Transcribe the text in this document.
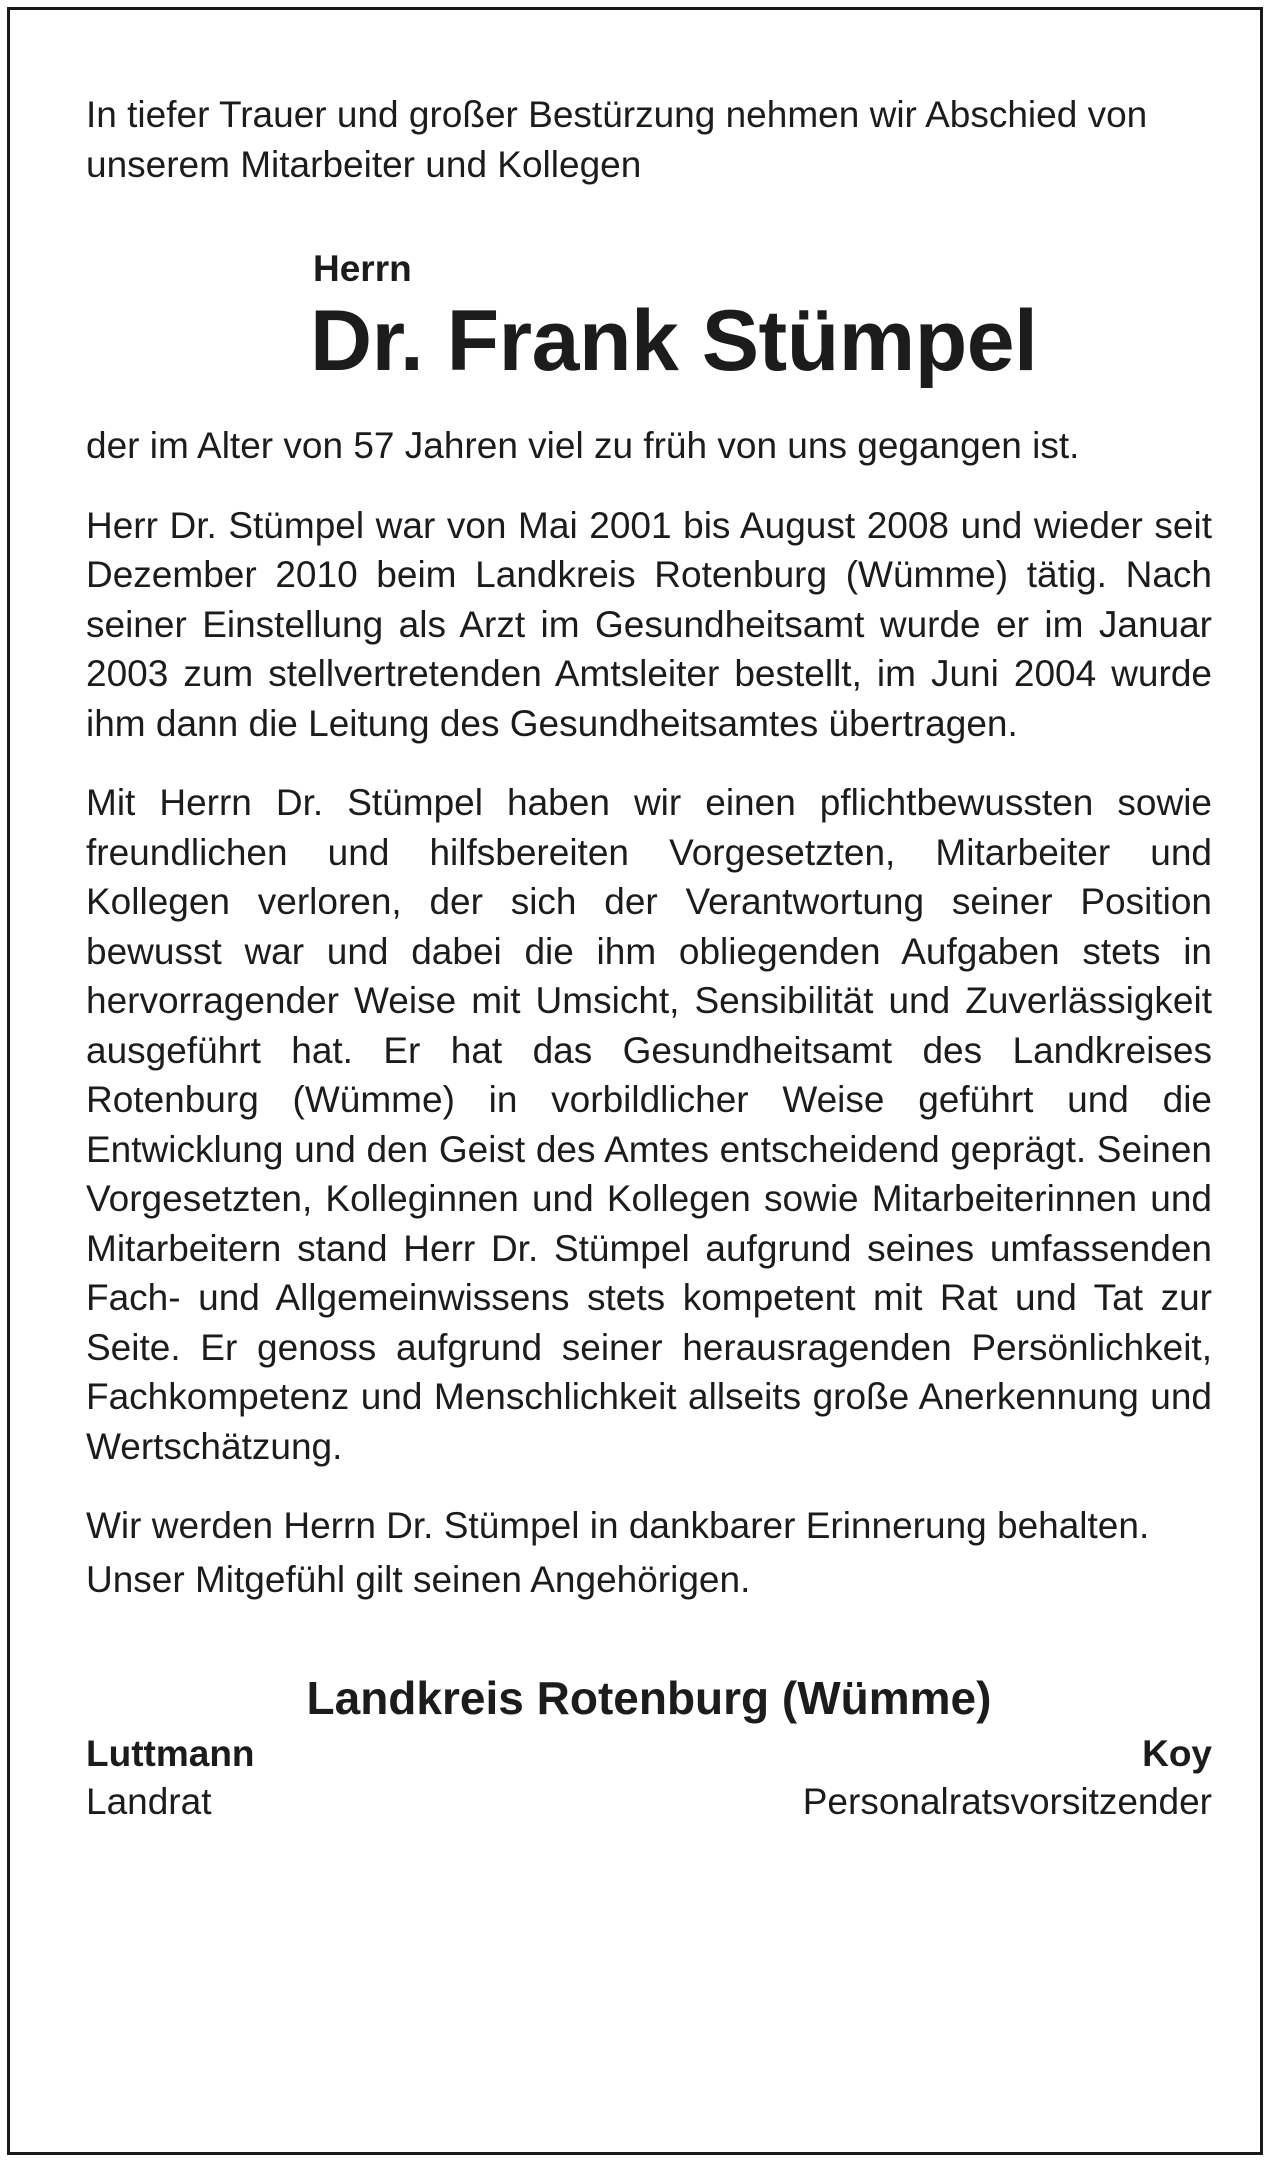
In tiefer Trauer und großer Bestürzung nehmen wir Abschied von unserem Mitarbeiter und Kollegen

Herrn
Dr. Frank Stümpel

der im Alter von 57 Jahren viel zu früh von uns gegangen ist.

Herr Dr. Stümpel war von Mai 2001 bis August 2008 und wieder seit Dezember 2010 beim Landkreis Rotenburg (Wümme) tätig. Nach seiner Einstellung als Arzt im Gesundheitsamt wurde er im Januar 2003 zum stellvertretenden Amtsleiter bestellt, im Juni 2004 wurde ihm dann die Leitung des Gesundheitsamtes übertragen.

Mit Herrn Dr. Stümpel haben wir einen pflichtbewussten sowie freundlichen und hilfsbereiten Vorgesetzten, Mitarbeiter und Kollegen verloren, der sich der Verantwortung seiner Position bewusst war und dabei die ihm obliegenden Aufgaben stets in hervorragender Weise mit Umsicht, Sensibilität und Zuverlässigkeit ausgeführt hat. Er hat das Gesundheitsamt des Landkreises Rotenburg (Wümme) in vorbildlicher Weise geführt und die Entwicklung und den Geist des Amtes entscheidend geprägt. Seinen Vorgesetzten, Kolleginnen und Kollegen sowie Mitarbeiterinnen und Mitarbeitern stand Herr Dr. Stümpel aufgrund seines umfassenden Fach- und Allgemeinwissens stets kompetent mit Rat und Tat zur Seite. Er genoss aufgrund seiner herausragenden Persönlichkeit, Fachkompetenz und Menschlichkeit allseits große Anerkennung und Wertschätzung.

Wir werden Herrn Dr. Stümpel in dankbarer Erinnerung behalten.

Unser Mitgefühl gilt seinen Angehörigen.

Landkreis Rotenburg (Wümme)
Luttmann
Landrat
Koy
Personalratsvorsitzender
